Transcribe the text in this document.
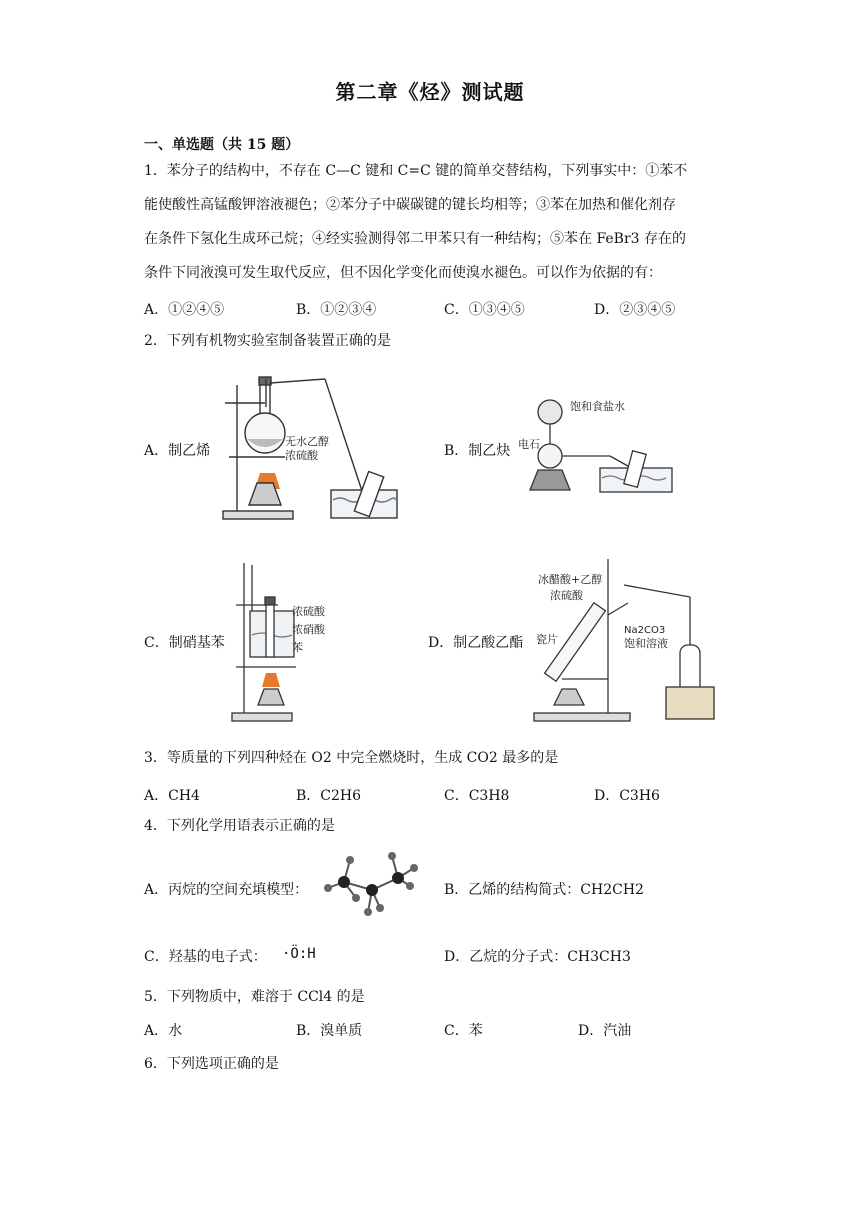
第二章《烃》测试题
一、单选题（共 15 题）
1．苯分子的结构中，不存在 C—C 键和 C=C 键的简单交替结构，下列事实中：①苯不
能使酸性高锰酸钾溶液褪色；②苯分子中碳碳键的键长均相等；③苯在加热和催化剂存
在条件下氢化生成环己烷；④经实验测得邻二甲苯只有一种结构；⑤苯在 FeBr3 存在的
条件下同液溴可发生取代反应，但不因化学变化而使溴水褪色。可以作为依据的有：
A．①②④⑤	B．①②③④	C．①③④⑤	D．②③④⑤
2．下列有机物实验室制备装置正确的是
A．制乙烯	B．制乙炔
C．制硝基苯	D．制乙酸乙酯
无水乙醇
浓硫酸
饱和食盐水
电石
浓硫酸
浓硝酸
苯
冰醋酸+乙醇
浓硫酸
瓷片
Na2CO3
饱和溶液
3．等质量的下列四种烃在 O2 中完全燃烧时，生成 CO2 最多的是
A．CH4	B．C2H6	C．C3H8	D．C3H6
4．下列化学用语表示正确的是
A．丙烷的空间充填模型：	B．乙烯的结构简式：CH2CH2
C．羟基的电子式： ·Ö:H	D．乙烷的分子式：CH3CH3
5．下列物质中，难溶于 CCl4 的是
A．水	B．溴单质	C．苯	D．汽油
6．下列选项正确的是
